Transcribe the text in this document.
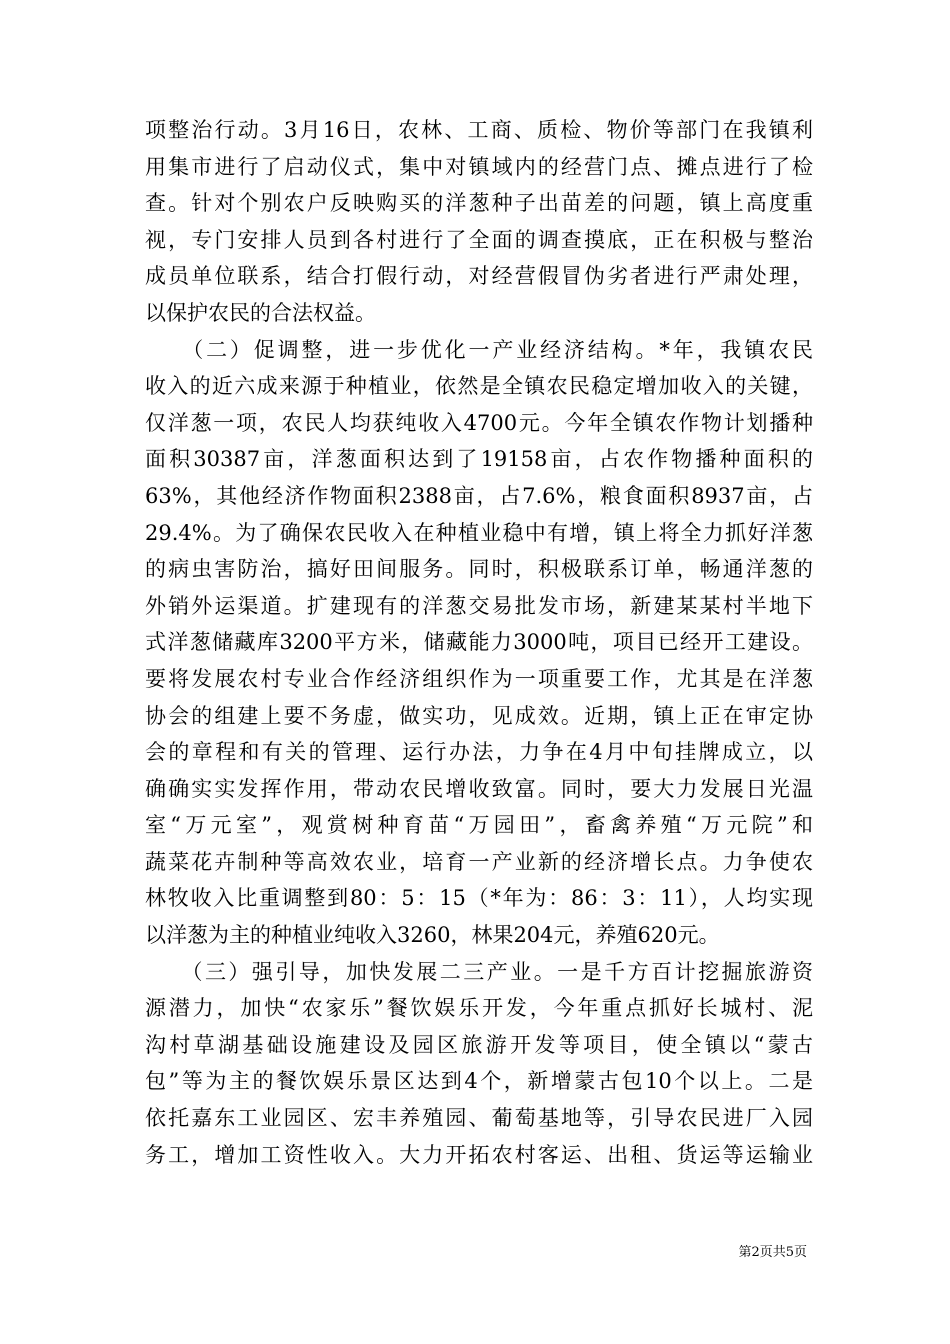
项整治行动。3月16日，农林、工商、质检、物价等部门在我镇利
用集市进行了启动仪式，集中对镇域内的经营门点、摊点进行了检
查。针对个别农户反映购买的洋葱种子出苗差的问题，镇上高度重
视，专门安排人员到各村进行了全面的调查摸底，正在积极与整治
成员单位联系，结合打假行动，对经营假冒伪劣者进行严肃处理，
以保护农民的合法权益。
　　（二）促调整，进一步优化一产业经济结构。*年，我镇农民
收入的近六成来源于种植业，依然是全镇农民稳定增加收入的关键，
仅洋葱一项，农民人均获纯收入4700元。今年全镇农作物计划播种
面积30387亩，洋葱面积达到了19158亩，占农作物播种面积的
63%，其他经济作物面积2388亩，占7.6%，粮食面积8937亩，占
29.4%。为了确保农民收入在种植业稳中有增，镇上将全力抓好洋葱
的病虫害防治，搞好田间服务。同时，积极联系订单，畅通洋葱的
外销外运渠道。扩建现有的洋葱交易批发市场，新建某某村半地下
式洋葱储藏库3200平方米，储藏能力3000吨，项目已经开工建设。
要将发展农村专业合作经济组织作为一项重要工作，尤其是在洋葱
协会的组建上要不务虚，做实功，见成效。近期，镇上正在审定协
会的章程和有关的管理、运行办法，力争在4月中旬挂牌成立，以
确确实实发挥作用，带动农民增收致富。同时，要大力发展日光温
室“万元室”，观赏树种育苗“万园田”，畜禽养殖“万元院”和
蔬菜花卉制种等高效农业，培育一产业新的经济增长点。力争使农
林牧收入比重调整到80：5：15（*年为：86：3：11），人均实现
以洋葱为主的种植业纯收入3260，林果204元，养殖620元。
　　（三）强引导，加快发展二三产业。一是千方百计挖掘旅游资
源潜力，加快“农家乐”餐饮娱乐开发，今年重点抓好长城村、泥
沟村草湖基础设施建设及园区旅游开发等项目，使全镇以“蒙古
包”等为主的餐饮娱乐景区达到4个，新增蒙古包10个以上。二是
依托嘉东工业园区、宏丰养殖园、葡萄基地等，引导农民进厂入园
务工，增加工资性收入。大力开拓农村客运、出租、货运等运输业
第2页共5页
